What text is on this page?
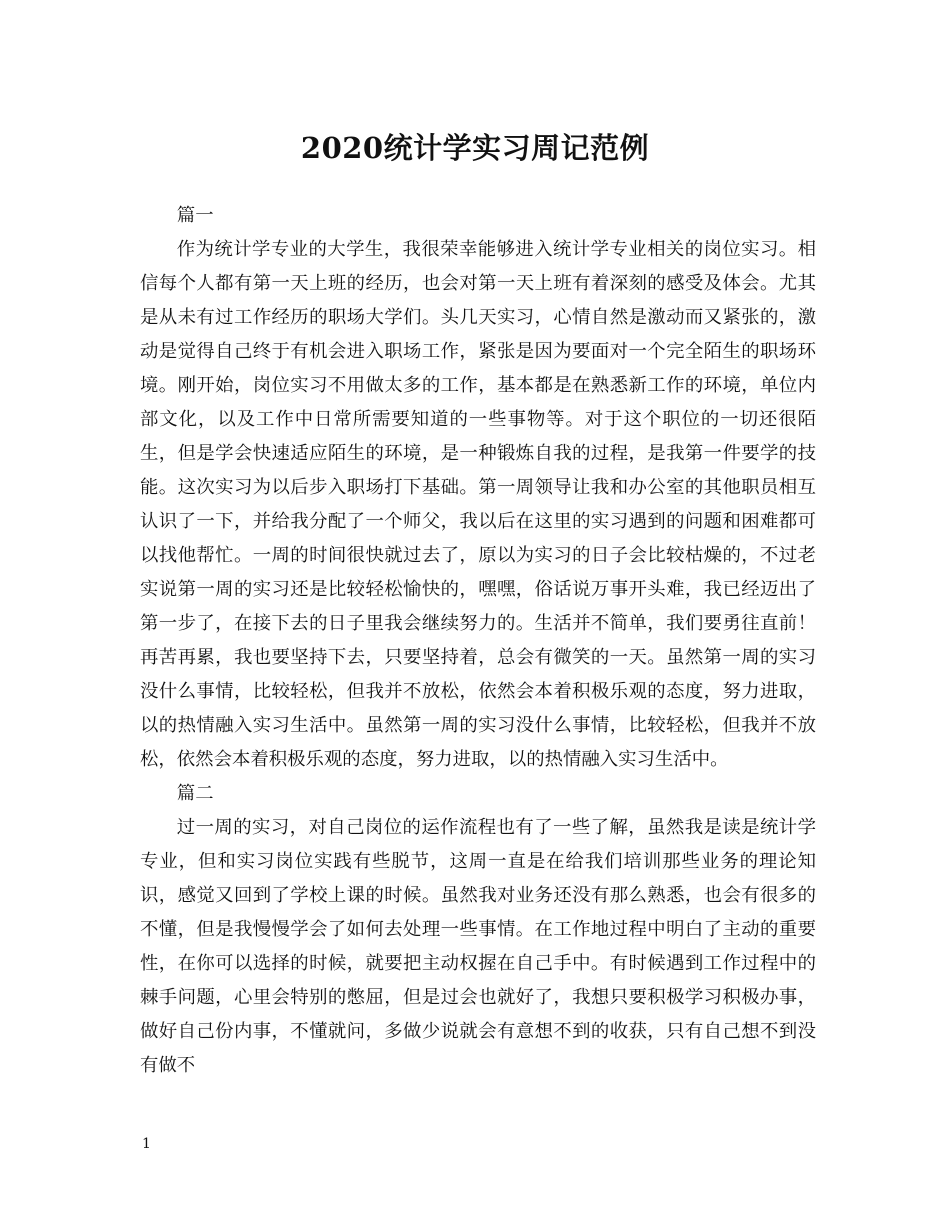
2020统计学实习周记范例

篇一

作为统计学专业的大学生，我很荣幸能够进入统计学专业相关的岗位实习。相信每个人都有第一天上班的经历，也会对第一天上班有着深刻的感受及体会。尤其是从未有过工作经历的职场大学们。头几天实习，心情自然是激动而又紧张的，激动是觉得自己终于有机会进入职场工作，紧张是因为要面对一个完全陌生的职场环境。刚开始，岗位实习不用做太多的工作，基本都是在熟悉新工作的环境，单位内部文化，以及工作中日常所需要知道的一些事物等。对于这个职位的一切还很陌生，但是学会快速适应陌生的环境，是一种锻炼自我的过程，是我第一件要学的技能。这次实习为以后步入职场打下基础。第一周领导让我和办公室的其他职员相互认识了一下，并给我分配了一个师父，我以后在这里的实习遇到的问题和困难都可以找他帮忙。一周的时间很快就过去了，原以为实习的日子会比较枯燥的，不过老实说第一周的实习还是比较轻松愉快的，嘿嘿，俗话说万事开头难，我已经迈出了第一步了，在接下去的日子里我会继续努力的。生活并不简单，我们要勇往直前！再苦再累，我也要坚持下去，只要坚持着，总会有微笑的一天。虽然第一周的实习没什么事情，比较轻松，但我并不放松，依然会本着积极乐观的态度，努力进取，以的热情融入实习生活中。虽然第一周的实习没什么事情，比较轻松，但我并不放松，依然会本着积极乐观的态度，努力进取，以的热情融入实习生活中。

篇二

过一周的实习，对自己岗位的运作流程也有了一些了解，虽然我是读是统计学专业，但和实习岗位实践有些脱节，这周一直是在给我们培训那些业务的理论知识，感觉又回到了学校上课的时候。虽然我对业务还没有那么熟悉，也会有很多的不懂，但是我慢慢学会了如何去处理一些事情。在工作地过程中明白了主动的重要性，在你可以选择的时候，就要把主动权握在自己手中。有时候遇到工作过程中的棘手问题，心里会特别的憋屈，但是过会也就好了，我想只要积极学习积极办事，做好自己份内事，不懂就问，多做少说就会有意想不到的收获，只有自己想不到没有做不

1
